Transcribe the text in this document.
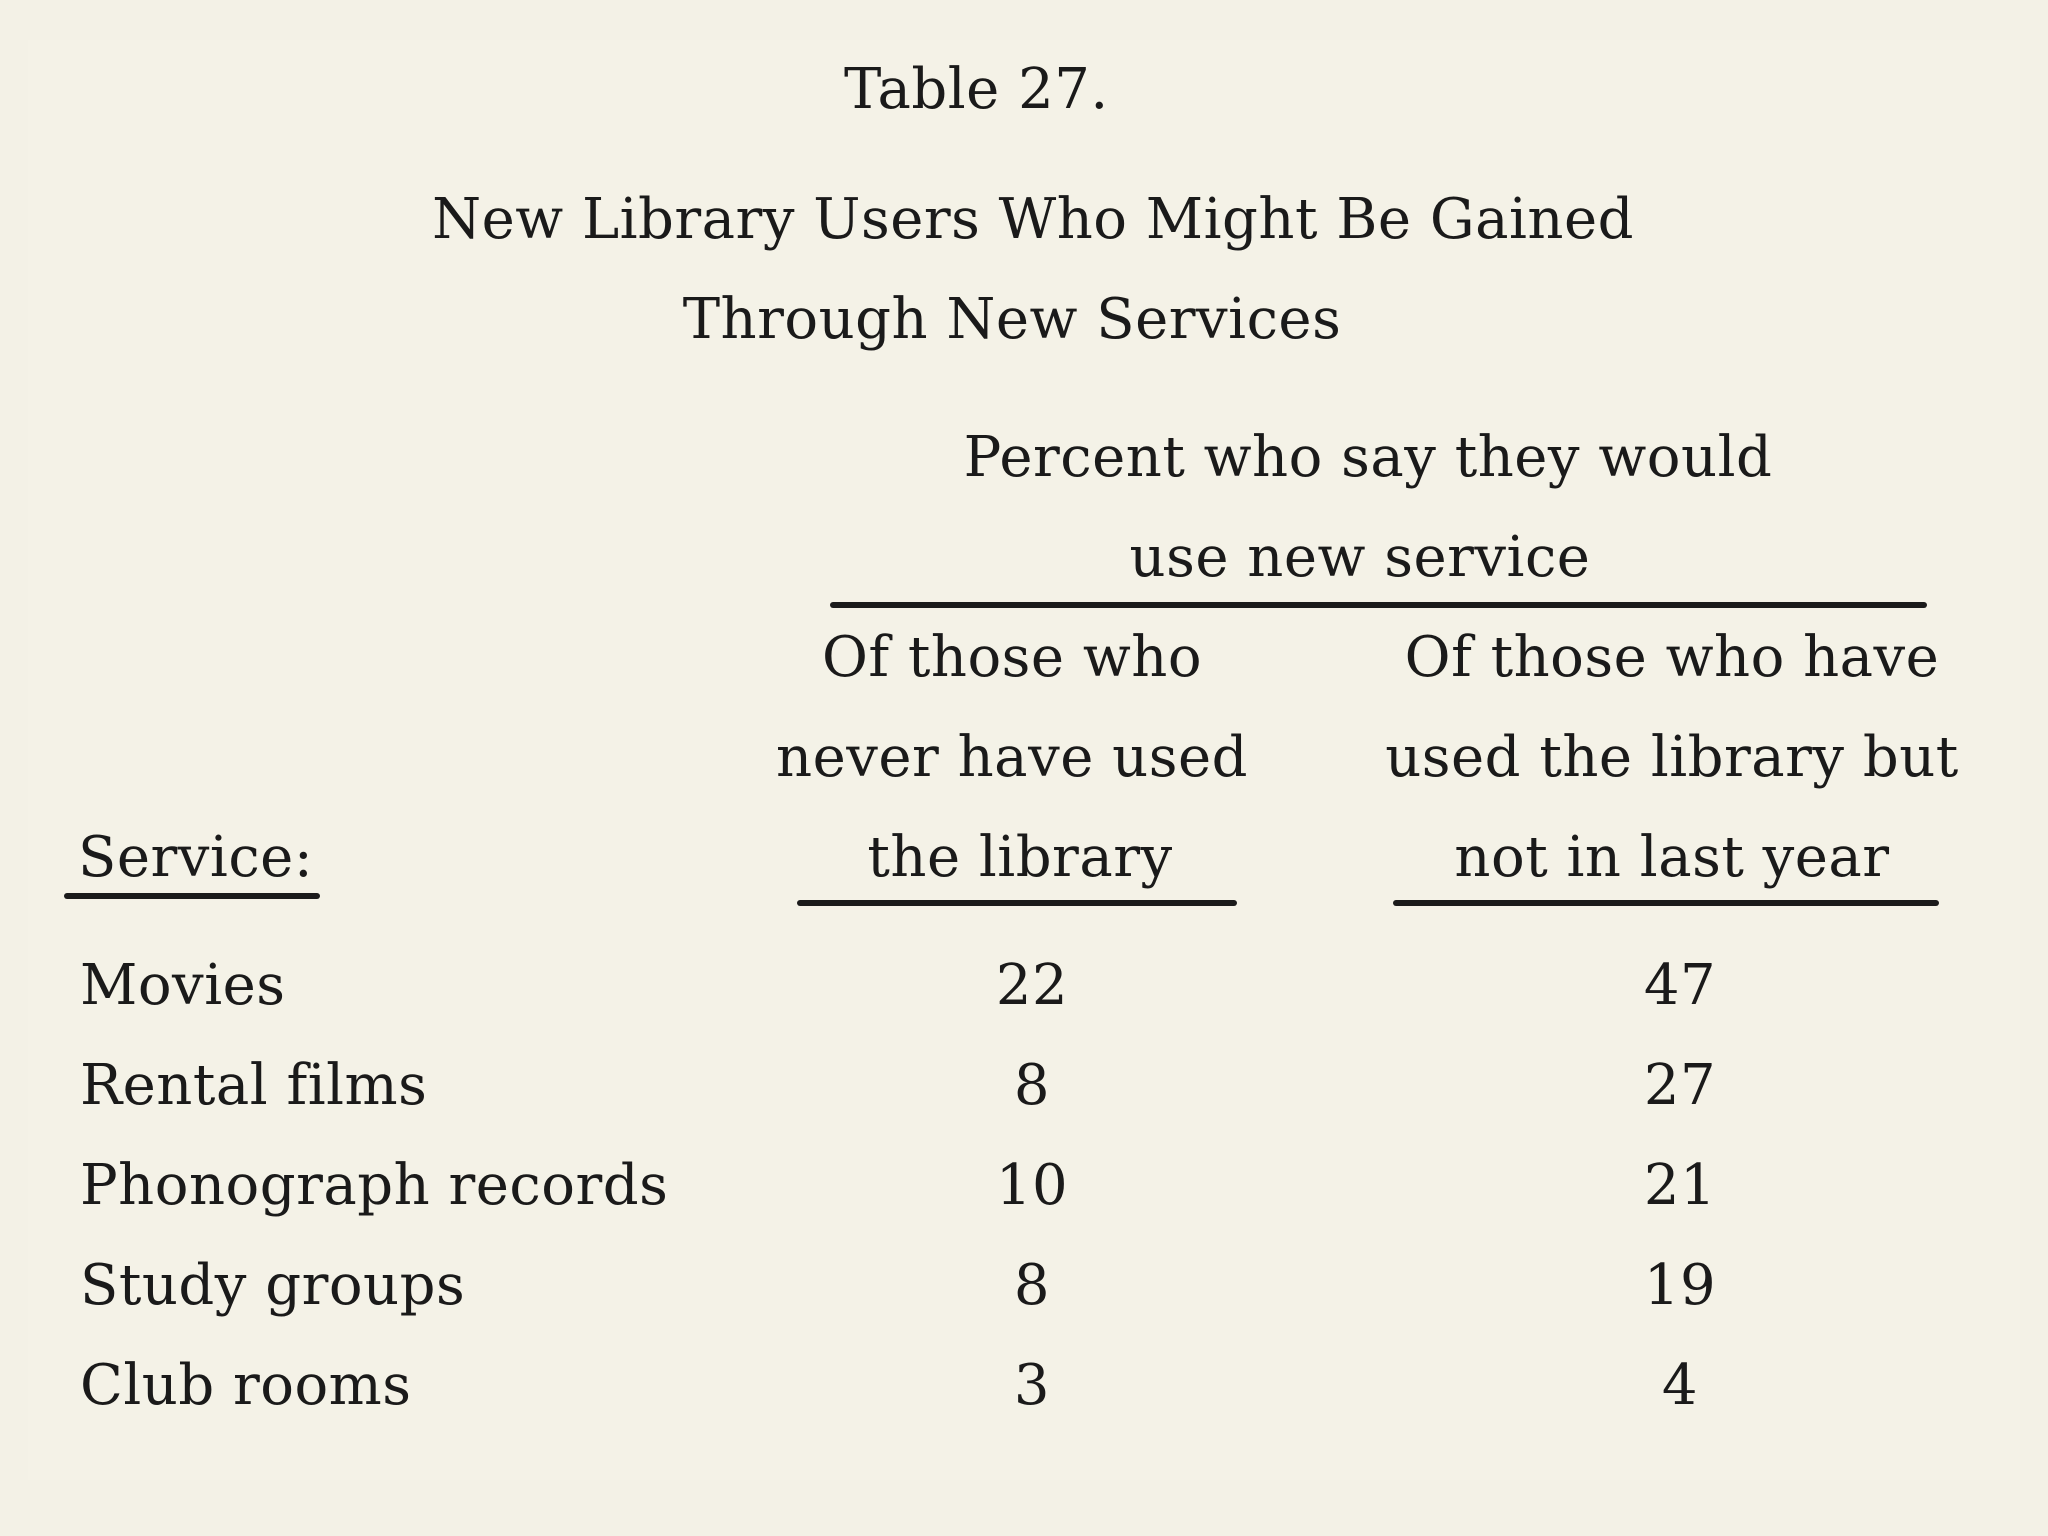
Table 27.
New Library Users Who Might Be Gained
Through New Services
Percent who say they would
use new service
Of those who
never have used
the library
Of those who have
used the library but
not in last year
Service:
Movies	22	47
Rental films	8	27
Phonograph records	10	21
Study groups	8	19
Club rooms	3	4
